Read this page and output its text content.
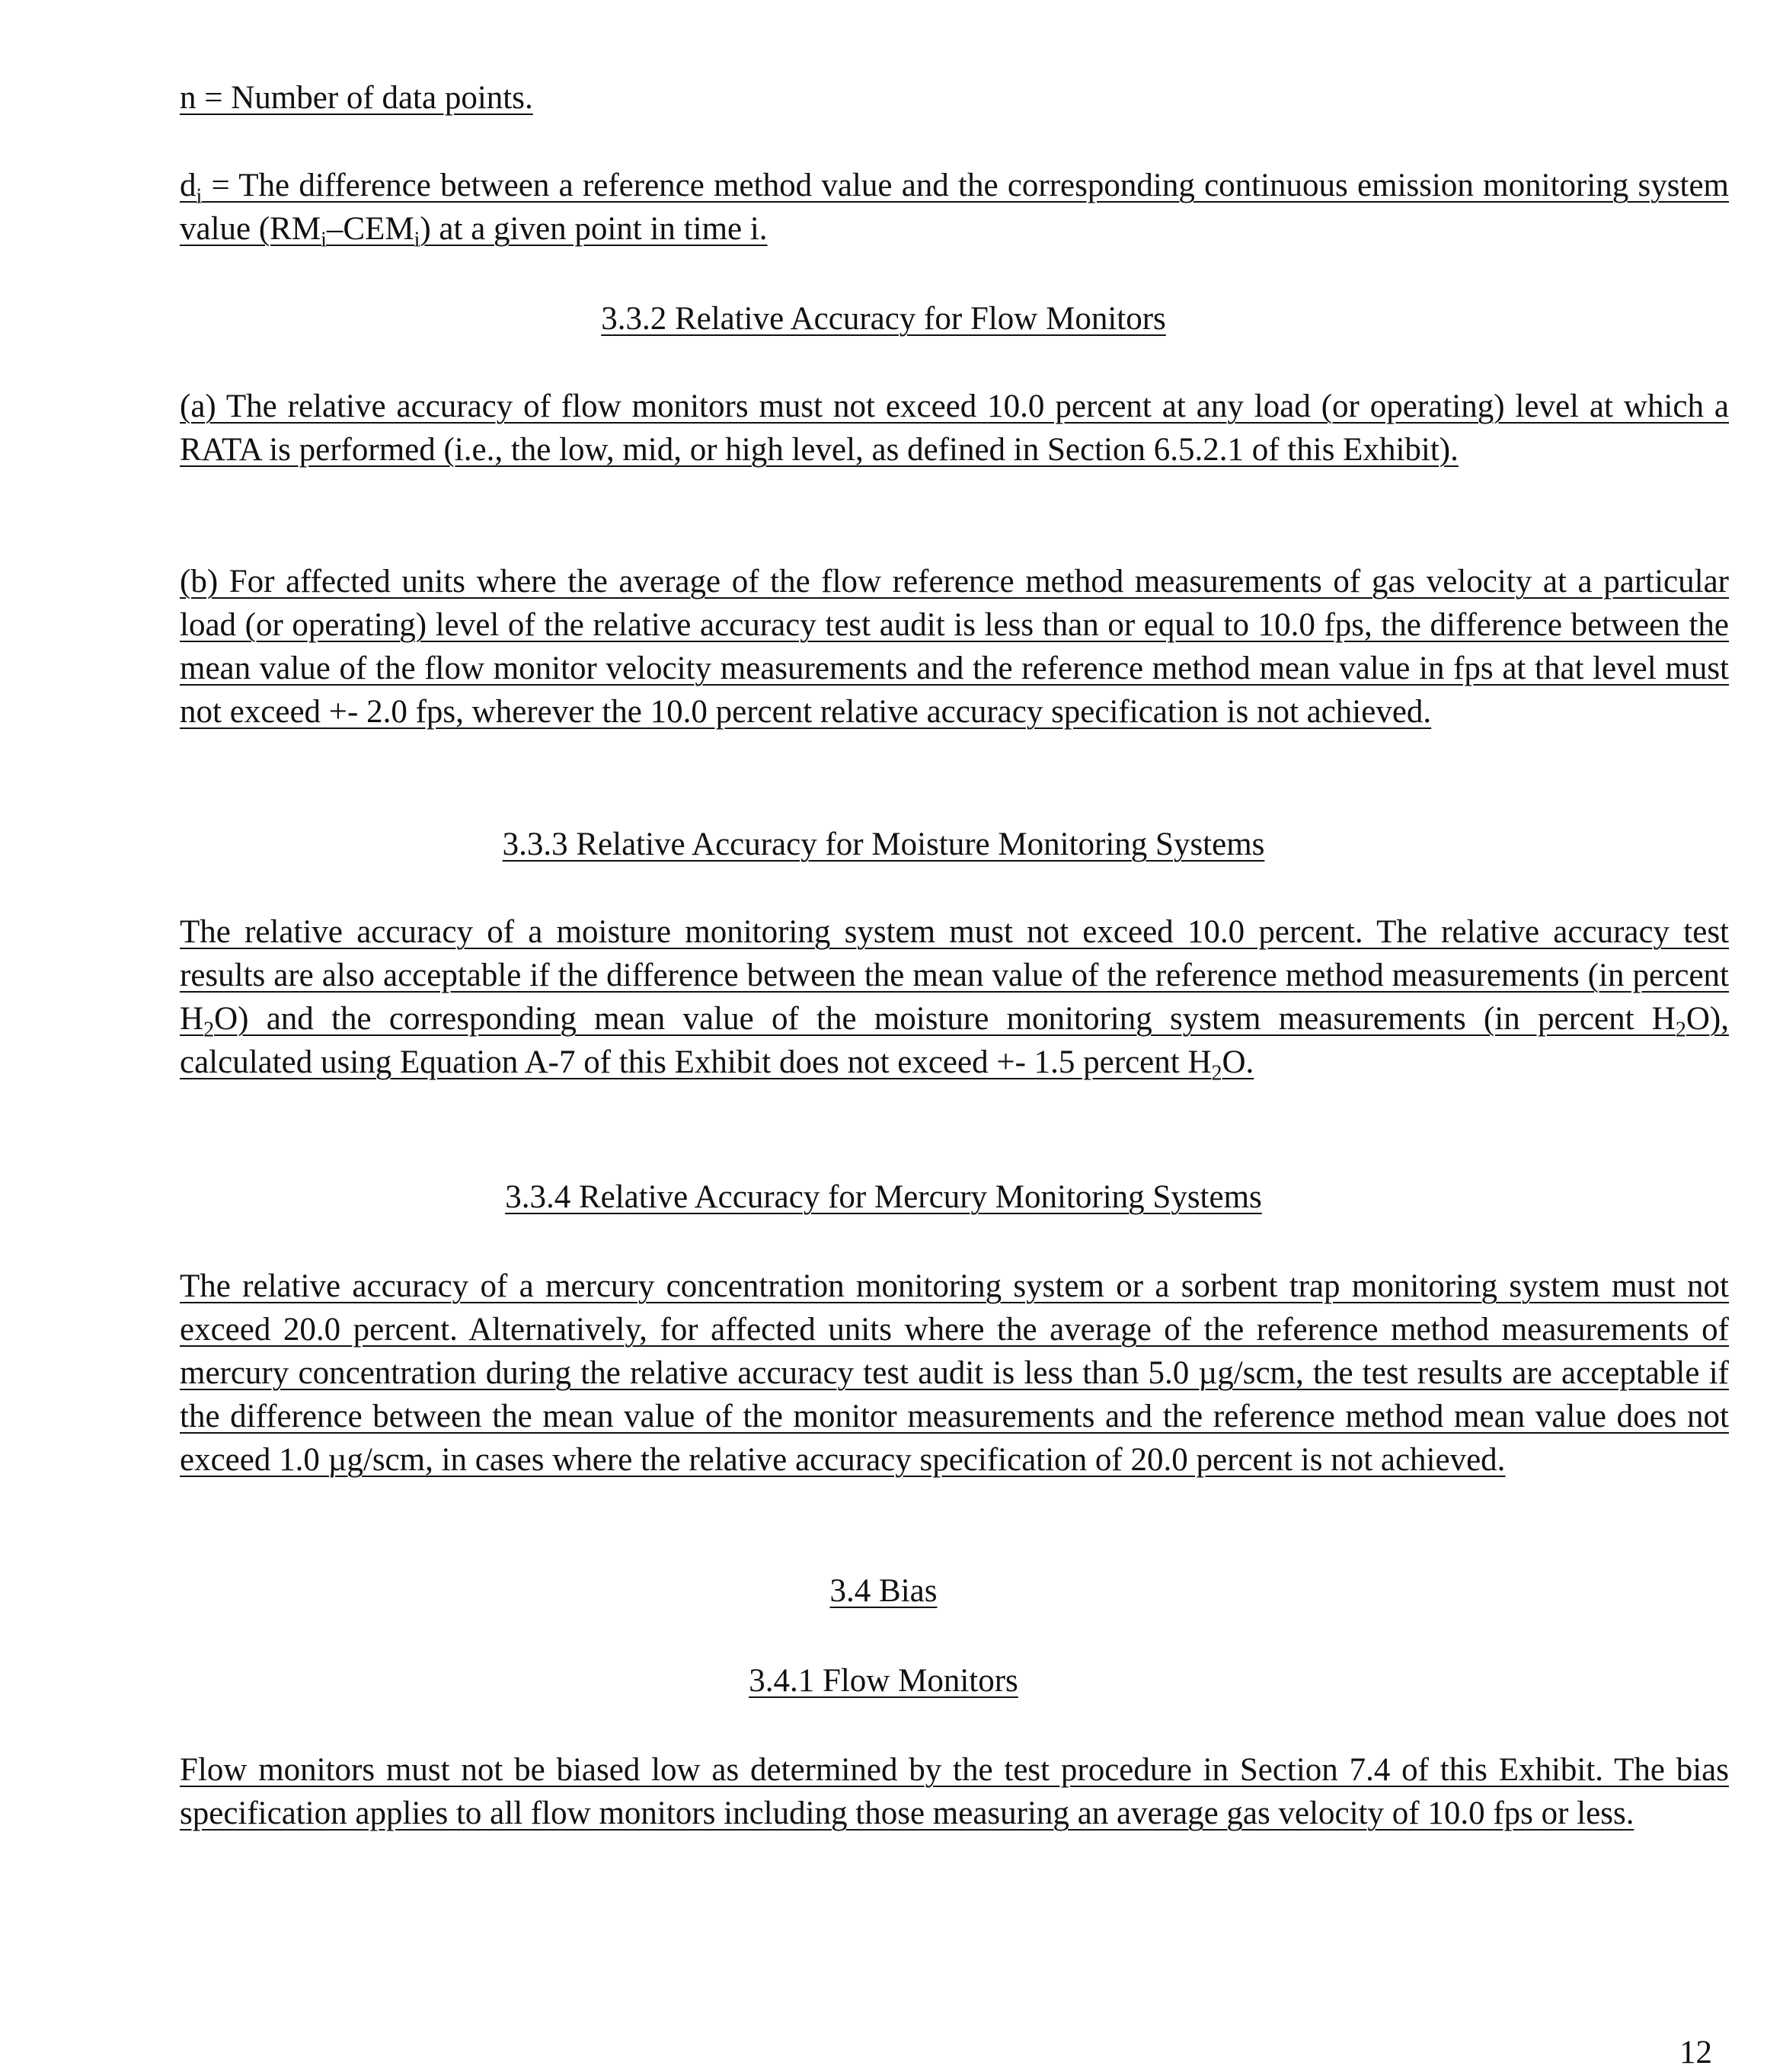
n = Number of data points.

$d_i$ = The difference between a reference method value and the corresponding continuous emission monitoring system value $(RM_i-CEM_i)$ at a given point in time i.

3.3.2 Relative Accuracy for Flow Monitors

(a) The relative accuracy of flow monitors must not exceed 10.0 percent at any load (or operating) level at which a RATA is performed (i.e., the low, mid, or high level, as defined in Section 6.5.2.1 of this Exhibit).

(b) For affected units where the average of the flow reference method measurements of gas velocity at a particular load (or operating) level of the relative accuracy test audit is less than or equal to 10.0 fps, the difference between the mean value of the flow monitor velocity measurements and the reference method mean value in fps at that level must not exceed +- 2.0 fps, wherever the 10.0 percent relative accuracy specification is not achieved.

3.3.3 Relative Accuracy for Moisture Monitoring Systems

The relative accuracy of a moisture monitoring system must not exceed 10.0 percent. The relative accuracy test results are also acceptable if the difference between the mean value of the reference method measurements (in percent $H_2O$) and the corresponding mean value of the moisture monitoring system measurements (in percent $H_2O$), calculated using Equation A-7 of this Exhibit does not exceed +- 1.5 percent $H_2O$.

3.3.4 Relative Accuracy for Mercury Monitoring Systems

The relative accuracy of a mercury concentration monitoring system or a sorbent trap monitoring system must not exceed 20.0 percent. Alternatively, for affected units where the average of the reference method measurements of mercury concentration during the relative accuracy test audit is less than 5.0 µg/scm, the test results are acceptable if the difference between the mean value of the monitor measurements and the reference method mean value does not exceed 1.0 µg/scm, in cases where the relative accuracy specification of 20.0 percent is not achieved.

3.4 Bias

3.4.1 Flow Monitors

Flow monitors must not be biased low as determined by the test procedure in Section 7.4 of this Exhibit. The bias specification applies to all flow monitors including those measuring an average gas velocity of 10.0 fps or less.

12
